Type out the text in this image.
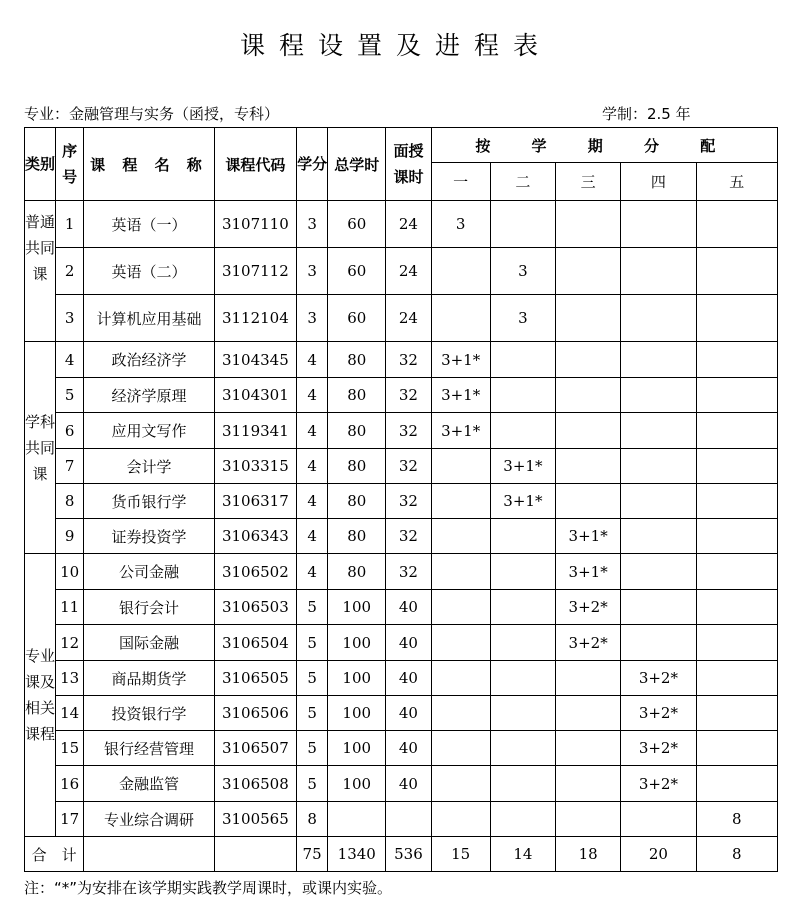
课程设置及进程表
专业：金融管理与实务（函授，专科）	学制：2.5 年
类别	序号	课 程 名 称	课程代码	学分	总学时	面授课时	按 学 期 分 配				
							一	二	三	四	五
普通共同课	1	英语（一）	3107110	3	60	24	3				
	2	英语（二）	3107112	3	60	24		3			
	3	计算机应用基础	3112104	3	60	24		3			
学科共同课	4	政治经济学	3104345	4	80	32	3+1*				
	5	经济学原理	3104301	4	80	32	3+1*				
	6	应用文写作	3119341	4	80	32	3+1*				
	7	会计学	3103315	4	80	32		3+1*			
	8	货币银行学	3106317	4	80	32		3+1*			
	9	证券投资学	3106343	4	80	32			3+1*		
专业课及相关课程	10	公司金融	3106502	4	80	32			3+1*		
	11	银行会计	3106503	5	100	40			3+2*		
	12	国际金融	3106504	5	100	40			3+2*		
	13	商品期货学	3106505	5	100	40				3+2*	
	14	投资银行学	3106506	5	100	40				3+2*	
	15	银行经营管理	3106507	5	100	40				3+2*	
	16	金融监管	3106508	5	100	40				3+2*	
	17	专业综合调研	3100565	8							8
合　计				75	1340	536	15	14	18	20	8
注：“*”为安排在该学期实践教学周课时，或课内实验。
